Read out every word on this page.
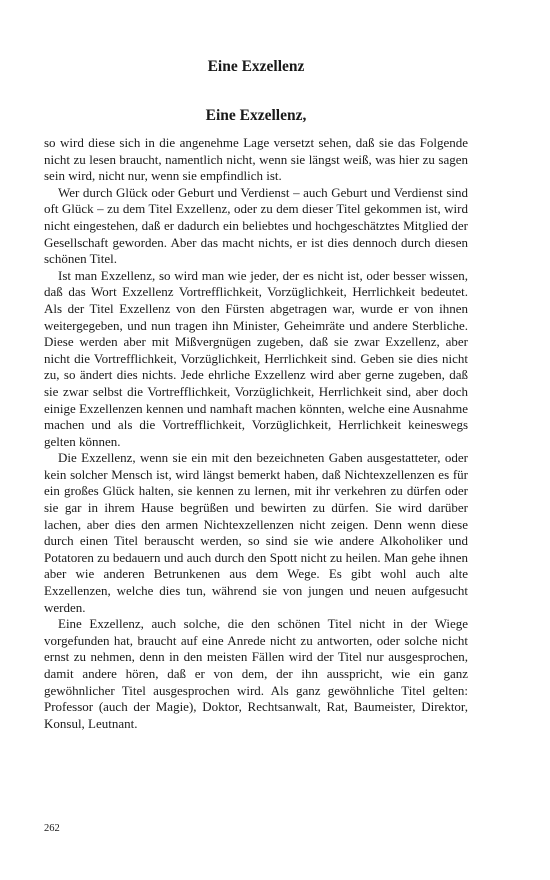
Eine Exzellenz
Eine Exzellenz,

so wird diese sich in die angenehme Lage versetzt sehen, daß sie das Folgende nicht zu lesen braucht, namentlich nicht, wenn sie längst weiß, was hier zu sagen sein wird, nicht nur, wenn sie empfindlich ist.

Wer durch Glück oder Geburt und Verdienst – auch Geburt und Verdienst sind oft Glück – zu dem Titel Exzellenz, oder zu dem dieser Titel gekommen ist, wird nicht eingestehen, daß er dadurch ein beliebtes und hochgeschätztes Mitglied der Gesellschaft geworden. Aber das macht nichts, er ist dies dennoch durch diesen schönen Titel.

Ist man Exzellenz, so wird man wie jeder, der es nicht ist, oder besser wissen, daß das Wort Exzellenz Vortrefflichkeit, Vorzüglichkeit, Herrlichkeit bedeutet. Als der Titel Exzellenz von den Fürsten abgetragen war, wurde er von ihnen weitergegeben, und nun tragen ihn Minister, Geheimräte und andere Sterbliche. Diese werden aber mit Mißvergnügen zugeben, daß sie zwar Exzellenz, aber nicht die Vortrefflichkeit, Vorzüglichkeit, Herrlichkeit sind. Geben sie dies nicht zu, so ändert dies nichts. Jede ehrliche Exzellenz wird aber gerne zugeben, daß sie zwar selbst die Vortrefflichkeit, Vorzüglichkeit, Herrlichkeit sind, aber doch einige Exzellenzen kennen und namhaft machen könnten, welche eine Ausnahme machen und als die Vortrefflichkeit, Vorzüglichkeit, Herrlichkeit keineswegs gelten können.

Die Exzellenz, wenn sie ein mit den bezeichneten Gaben ausgestatteter, oder kein solcher Mensch ist, wird längst bemerkt haben, daß Nichtexzellenzen es für ein großes Glück halten, sie kennen zu lernen, mit ihr verkehren zu dürfen oder sie gar in ihrem Hause begrüßen und bewirten zu dürfen. Sie wird darüber lachen, aber dies den armen Nichtexzellenzen nicht zeigen. Denn wenn diese durch einen Titel berauscht werden, so sind sie wie andere Alkoholiker und Potatoren zu bedauern und auch durch den Spott nicht zu heilen. Man gehe ihnen aber wie anderen Betrunkenen aus dem Wege. Es gibt wohl auch alte Exzellenzen, welche dies tun, während sie von jungen und neuen aufgesucht werden.

Eine Exzellenz, auch solche, die den schönen Titel nicht in der Wiege vorgefunden hat, braucht auf eine Anrede nicht zu antworten, oder solche nicht ernst zu nehmen, denn in den meisten Fällen wird der Titel nur ausgesprochen, damit andere hören, daß er von dem, der ihn ausspricht, wie ein ganz gewöhnlicher Titel ausgesprochen wird. Als ganz gewöhnliche Titel gelten: Professor (auch der Magie), Doktor, Rechtsanwalt, Rat, Baumeister, Direktor, Konsul, Leutnant.

262
